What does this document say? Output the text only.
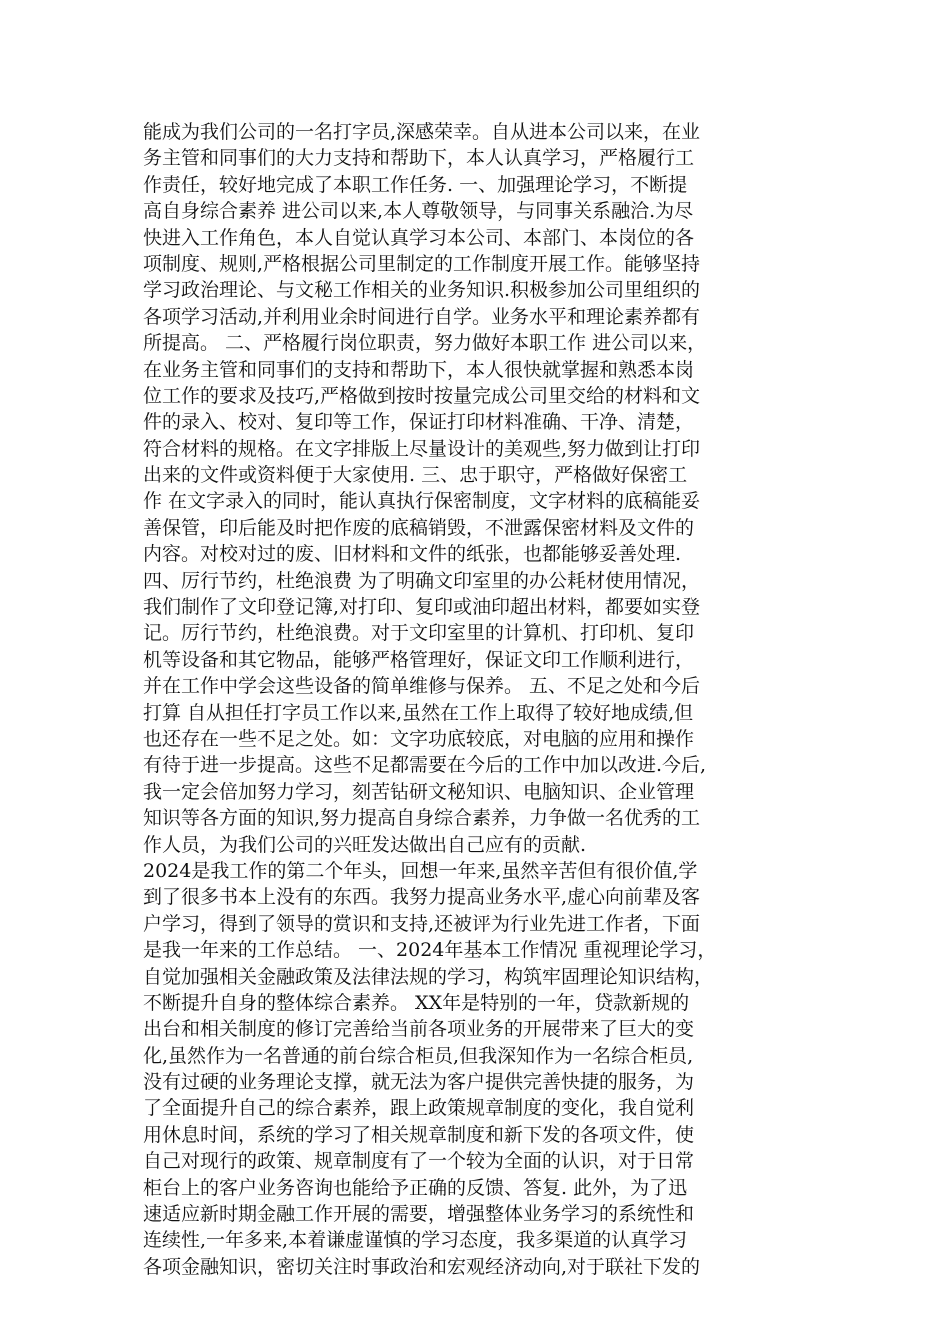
能成为我们公司的一名打字员,深感荣幸。自从进本公司以来，在业
务主管和同事们的大力支持和帮助下，本人认真学习，严格履行工
作责任，较好地完成了本职工作任务. 一、加强理论学习，不断提
高自身综合素养 进公司以来,本人尊敬领导，与同事关系融洽.为尽
快进入工作角色，本人自觉认真学习本公司、本部门、本岗位的各
项制度、规则,严格根据公司里制定的工作制度开展工作。能够坚持
学习政治理论、与文秘工作相关的业务知识.积极参加公司里组织的
各项学习活动,并利用业余时间进行自学。业务水平和理论素养都有
所提高。 二、严格履行岗位职责，努力做好本职工作 进公司以来，
在业务主管和同事们的支持和帮助下，本人很快就掌握和熟悉本岗
位工作的要求及技巧,严格做到按时按量完成公司里交给的材料和文
件的录入、校对、复印等工作，保证打印材料准确、干净、清楚，
符合材料的规格。在文字排版上尽量设计的美观些,努力做到让打印
出来的文件或资料便于大家使用. 三、忠于职守，严格做好保密工
作 在文字录入的同时，能认真执行保密制度，文字材料的底稿能妥
善保管，印后能及时把作废的底稿销毁，不泄露保密材料及文件的
内容。对校对过的废、旧材料和文件的纸张，也都能够妥善处理.
四、厉行节约，杜绝浪费 为了明确文印室里的办公耗材使用情况，
我们制作了文印登记簿,对打印、复印或油印超出材料，都要如实登
记。厉行节约，杜绝浪费。对于文印室里的计算机、打印机、复印
机等设备和其它物品，能够严格管理好，保证文印工作顺利进行，
并在工作中学会这些设备的简单维修与保养。 五、不足之处和今后
打算 自从担任打字员工作以来,虽然在工作上取得了较好地成绩,但
也还存在一些不足之处。如：文字功底较底，对电脑的应用和操作
有待于进一步提高。这些不足都需要在今后的工作中加以改进.今后,
我一定会倍加努力学习，刻苦钻研文秘知识、电脑知识、企业管理
知识等各方面的知识,努力提高自身综合素养，力争做一名优秀的工
作人员，为我们公司的兴旺发达做出自己应有的贡献.
2024是我工作的第二个年头，回想一年来,虽然辛苦但有很价值,学
到了很多书本上没有的东西。我努力提高业务水平,虚心向前辈及客
户学习，得到了领导的赏识和支持,还被评为行业先进工作者，下面
是我一年来的工作总结。 一、2024年基本工作情况 重视理论学习，
自觉加强相关金融政策及法律法规的学习，构筑牢固理论知识结构，
不断提升自身的整体综合素养。 XX年是特别的一年，贷款新规的
出台和相关制度的修订完善给当前各项业务的开展带来了巨大的变
化,虽然作为一名普通的前台综合柜员,但我深知作为一名综合柜员,
没有过硬的业务理论支撑，就无法为客户提供完善快捷的服务，为
了全面提升自己的综合素养，跟上政策规章制度的变化，我自觉利
用休息时间，系统的学习了相关规章制度和新下发的各项文件，使
自己对现行的政策、规章制度有了一个较为全面的认识，对于日常
柜台上的客户业务咨询也能给予正确的反馈、答复. 此外，为了迅
速适应新时期金融工作开展的需要，增强整体业务学习的系统性和
连续性,一年多来,本着谦虚谨慎的学习态度，我多渠道的认真学习
各项金融知识，密切关注时事政治和宏观经济动向,对于联社下发的
